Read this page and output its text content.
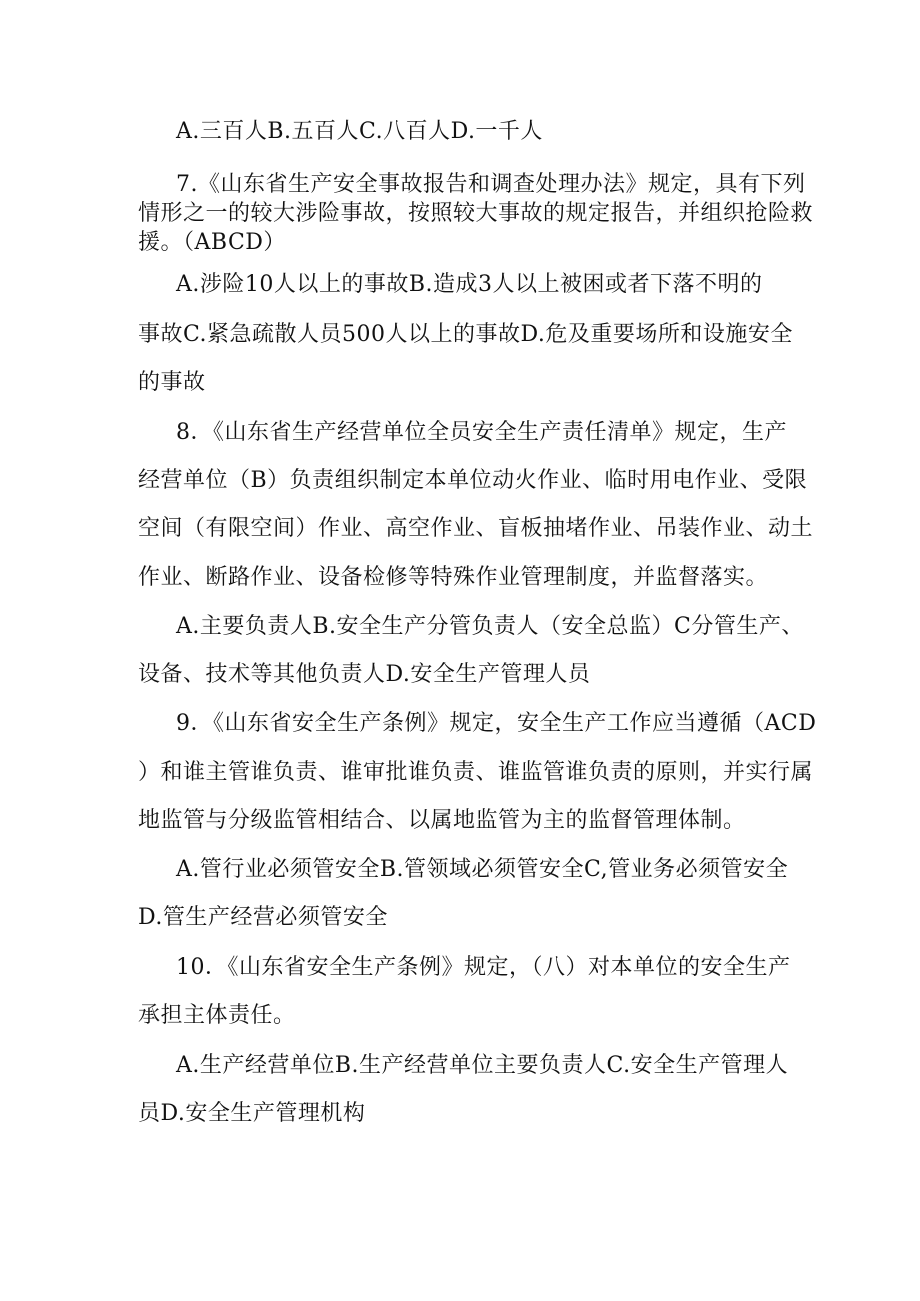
A.三百人B.五百人C.八百人D.一千人
7.《山东省生产安全事故报告和调查处理办法》规定，具有下列
情形之一的较大涉险事故，按照较大事故的规定报告，并组织抢险救
援。（ABCD）
A.涉险10人以上的事故B.造成3人以上被困或者下落不明的
事故C.紧急疏散人员500人以上的事故D.危及重要场所和设施安全
的事故
8．《山东省生产经营单位全员安全生产责任清单》规定，生产
经营单位（B）负责组织制定本单位动火作业、临时用电作业、受限
空间（有限空间）作业、高空作业、盲板抽堵作业、吊装作业、动土
作业、断路作业、设备检修等特殊作业管理制度，并监督落实。
A.主要负责人B.安全生产分管负责人（安全总监）C分管生产、
设备、技术等其他负责人D.安全生产管理人员
9．《山东省安全生产条例》规定，安全生产工作应当遵循（ACD
）和谁主管谁负责、谁审批谁负责、谁监管谁负责的原则，并实行属
地监管与分级监管相结合、以属地监管为主的监督管理体制。
A.管行业必须管安全B.管领域必须管安全C,管业务必须管安全
D.管生产经营必须管安全
10．《山东省安全生产条例》规定，（八）对本单位的安全生产
承担主体责任。
A.生产经营单位B.生产经营单位主要负责人C.安全生产管理人
员D.安全生产管理机构
